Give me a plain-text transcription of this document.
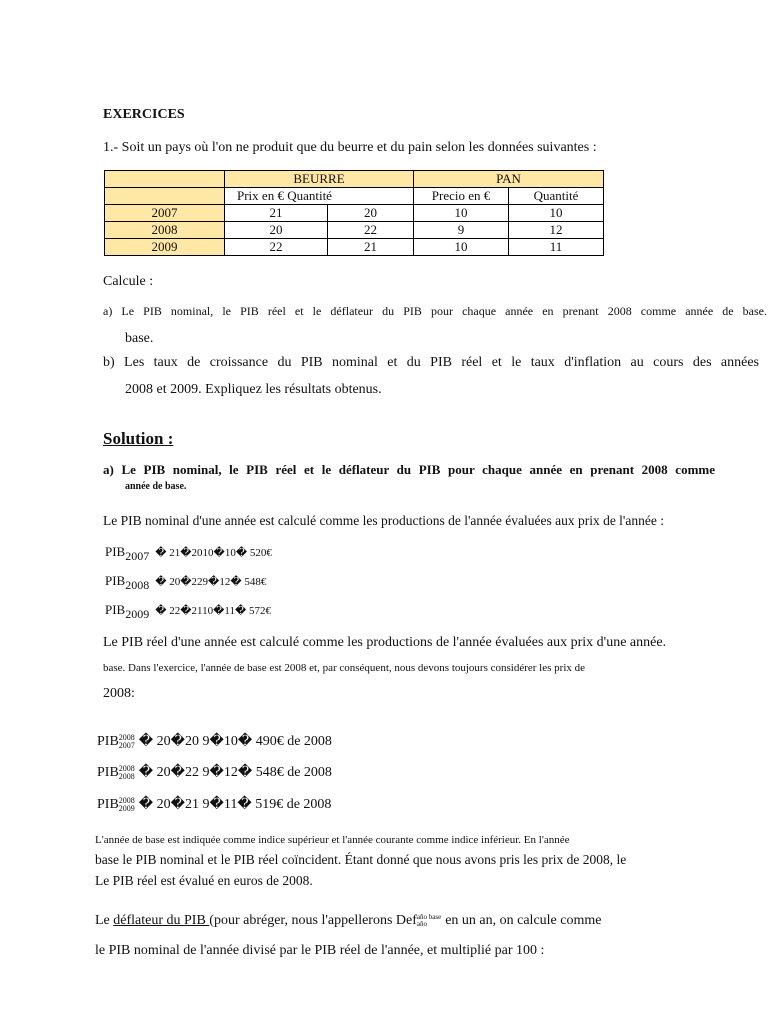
EXERCICES
1.- Soit un pays où l'on ne produit que du beurre et du pain selon les données suivantes :
	BEURRE		PAN	
	Prix en € Quantité		Precio en €	Quantité
2007	21	20	10	10
2008	20	22	9	12
2009	22	21	10	11
Calcule :
a) Le PIB nominal, le PIB réel et le déflateur du PIB pour chaque année en prenant 2008 comme année de base.
base.
b) Les taux de croissance du PIB nominal et du PIB réel et le taux d'inflation au cours des années
2008 et 2009. Expliquez les résultats obtenus.
Solution :
a) Le PIB nominal, le PIB réel et le déflateur du PIB pour chaque année en prenant 2008 comme
année de base.
Le PIB nominal d'une année est calculé comme les productions de l'année évaluées aux prix de l'année :
$PIB_{2007}$ � 21�2010�10� 520€
$PIB_{2008}$ � 20�229�12� 548€
$PIB_{2009}$ � 22�2110�11� 572€
Le PIB réel d'une année est calculé comme les productions de l'année évaluées aux prix d'une année.
base. Dans l'exercice, l'année de base est 2008 et, par conséquent, nous devons toujours considérer les prix de
2008:
PIB 2008
2007 � 20�20 9�10� 490€ de 2008
PIB 2008
2008 � 20�22 9�12� 548€ de 2008
PIB 2008
2009 � 20�21 9�11� 519€ de 2008
L'année de base est indiquée comme indice supérieur et l'année courante comme indice inférieur. En l'année
base le PIB nominal et le PIB réel coïncident. Étant donné que nous avons pris les prix de 2008, le
Le PIB réel est évalué en euros de 2008.
Le déflateur du PIB (pour abréger, nous l'appellerons Def año base
año	en un an, on calcule comme
le PIB nominal de l'année divisé par le PIB réel de l'année, et multiplié par 100 :
